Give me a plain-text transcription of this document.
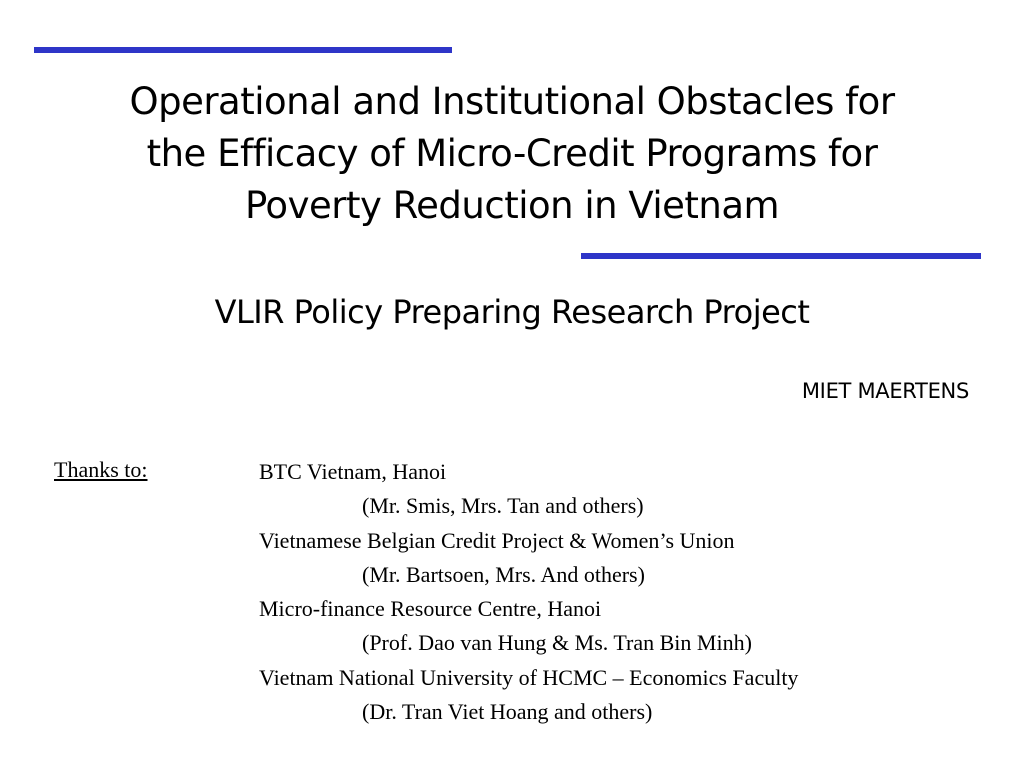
Operational and Institutional Obstacles for
the Efficacy of Micro-Credit Programs for
Poverty Reduction in Vietnam
VLIR Policy Preparing Research Project
MIET MAERTENS
Thanks to:	BTC Vietnam, Hanoi
(Mr. Smis, Mrs. Tan and others)
Vietnamese Belgian Credit Project & Women’s Union
(Mr. Bartsoen, Mrs. And others)
Micro-finance Resource Centre, Hanoi
(Prof. Dao van Hung & Ms. Tran Bin Minh)
Vietnam National University of HCMC – Economics Faculty
(Dr. Tran Viet Hoang and others)
